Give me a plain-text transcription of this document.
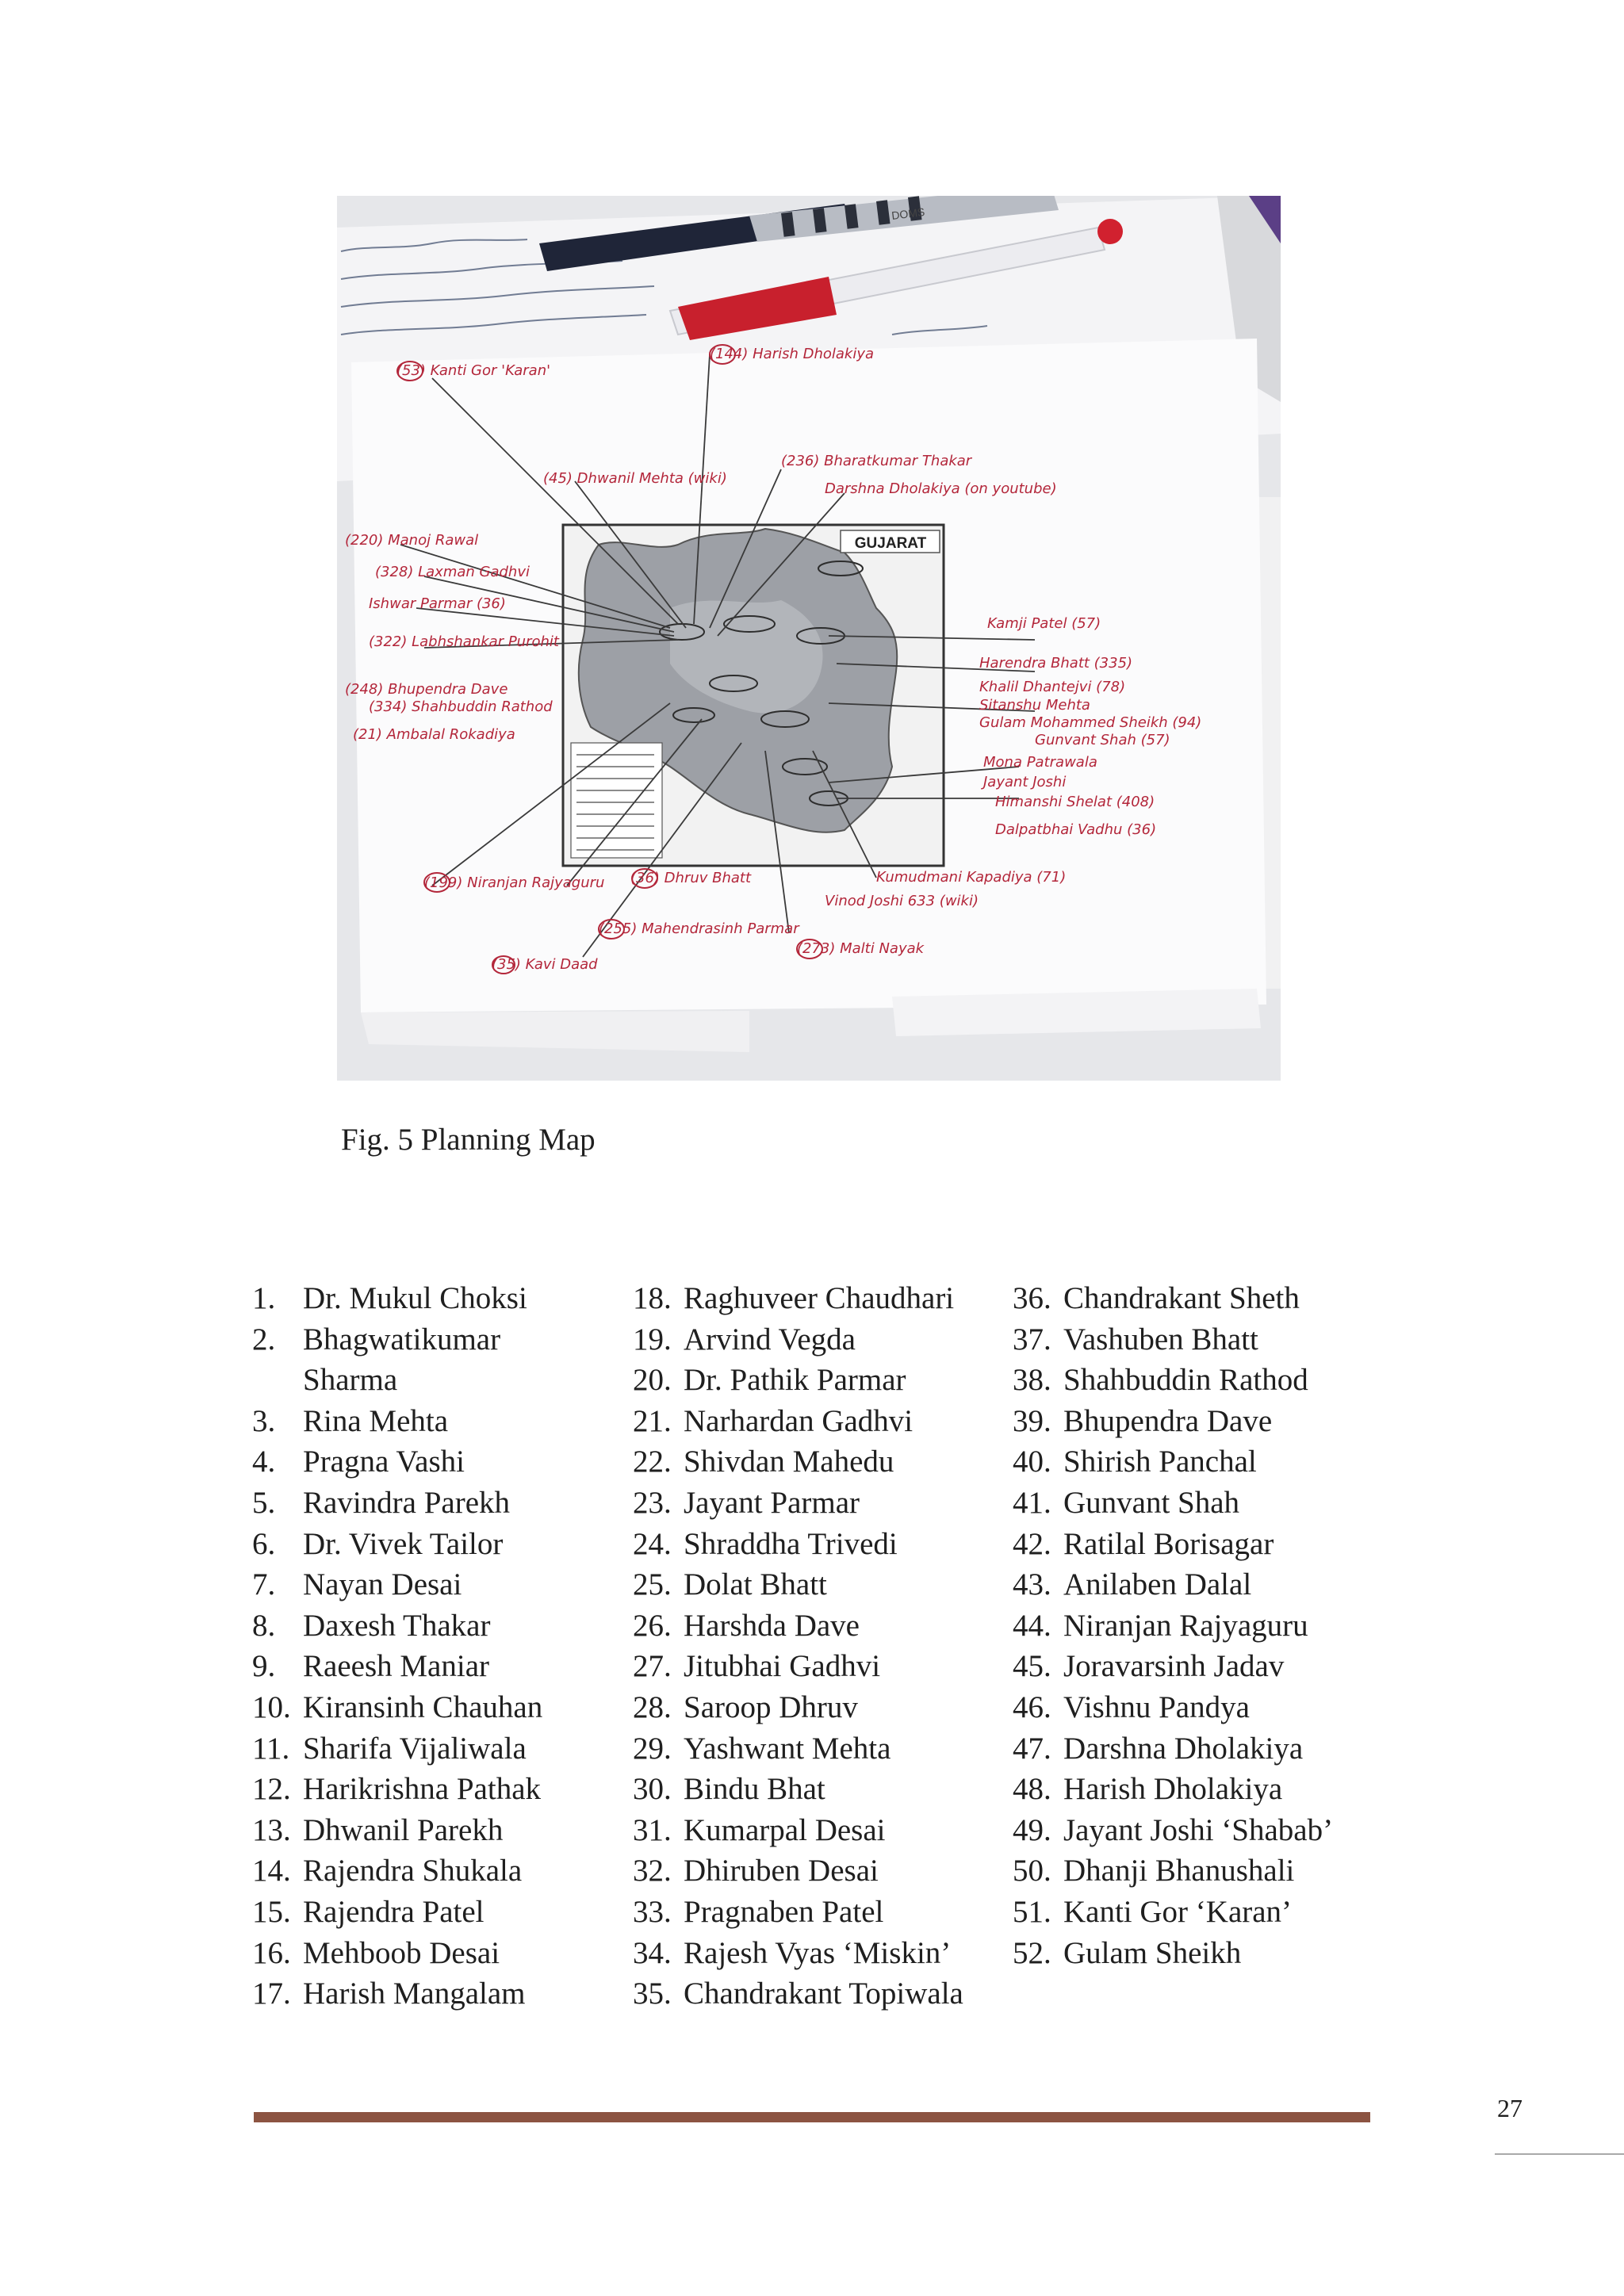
GUJARAT
(53) Kanti Gor 'Karan'
(144) Harish Dholakiya
(45) Dhwanil Mehta (wiki)
(236) Bharatkumar Thakar
Darshna Dholakiya (on youtube)
(220) Manoj Rawal
(328) Laxman Gadhvi
Ishwar Parmar (36)
(322) Labhshankar Purohit
(248) Bhupendra Dave
(334) Shahbuddin Rathod
(21) Ambalal Rokadiya
Kamji Patel (57)
Harendra Bhatt (335)
Khalil Dhantejvi (78)
Sitanshu Mehta
Gulam Mohammed Sheikh (94)
Gunvant Shah (57)
Mona Patrawala
Jayant Joshi
Himanshi Shelat (408)
Dalpatbhai Vadhu (36)
(199) Niranjan Rajyaguru (36) Dhruv Bhatt	Kumudmani Kapadiya (71)
Vinod Joshi 633 (wiki)
(255) Mahendrasinh Parmar
(273) Malti Nayak
(35) Kavi Daad
DOMS
Fig. 5 Planning Map
1. Dr. Mukul Choksi
2. Bhagwatikumar Sharma
3. Rina Mehta
4. Pragna Vashi
5. Ravindra Parekh
6. Dr. Vivek Tailor
7. Nayan Desai
8. Daxesh Thakar
9. Raeesh Maniar
10. Kiransinh Chauhan
11. Sharifa Vijaliwala
12. Harikrishna Pathak
13. Dhwanil Parekh
14. Rajendra Shukala
15. Rajendra Patel
16. Mehboob Desai
17. Harish Mangalam
18. Raghuveer Chaudhari
19. Arvind Vegda
20. Dr. Pathik Parmar
21. Narhardan Gadhvi
22. Shivdan Mahedu
23. Jayant Parmar
24. Shraddha Trivedi
25. Dolat Bhatt
26. Harshda Dave
27. Jitubhai Gadhvi
28. Saroop Dhruv
29. Yashwant Mehta
30. Bindu Bhat
31. Kumarpal Desai
32. Dhiruben Desai
33. Pragnaben Patel
34. Rajesh Vyas ‘Miskin’
35. Chandrakant Topiwala
36. Chandrakant Sheth
37. Vashuben Bhatt
38. Shahbuddin Rathod
39. Bhupendra Dave
40. Shirish Panchal
41. Gunvant Shah
42. Ratilal Borisagar
43. Anilaben Dalal
44. Niranjan Rajyaguru
45. Joravarsinh Jadav
46. Vishnu Pandya
47. Darshna Dholakiya
48. Harish Dholakiya
49. Jayant Joshi ‘Shabab’
50. Dhanji Bhanushali
51. Kanti Gor ‘Karan’
52. Gulam Sheikh
27
